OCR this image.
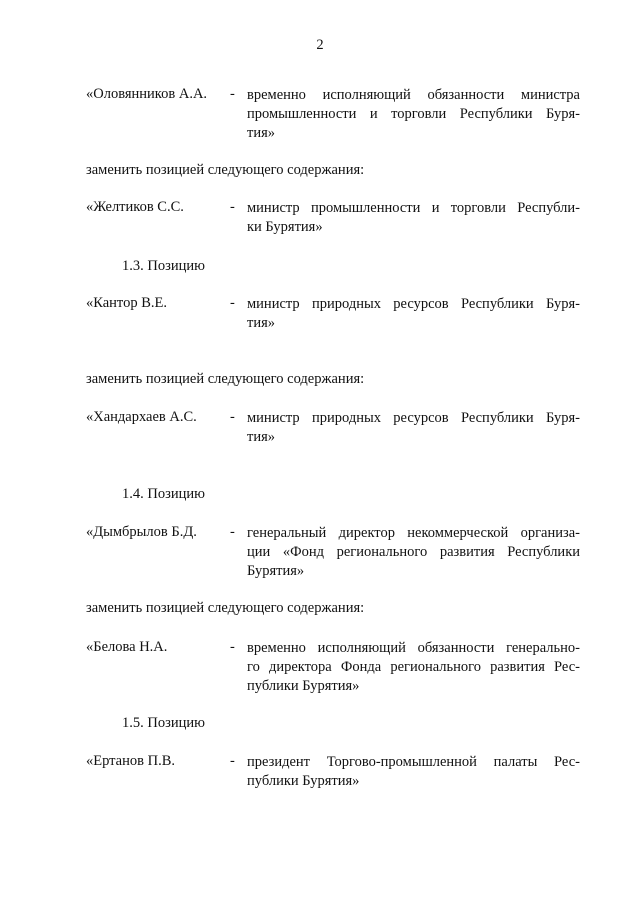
2
«Оловянников А.А. - временно исполняющий обязанности министра
промышленности и торговли Республики Буря-
тия»
заменить позицией следующего содержания:
«Желтиков С.С.	- министр промышленности и торговли Республи-
ки Бурятия»
1.3. Позицию
«Кантор В.Е.	- министр природных ресурсов Республики Буря-
тия»
заменить позицией следующего содержания:
«Хандархаев А.С. - министр природных ресурсов Республики Буря-
тия»
1.4. Позицию
«Дымбрылов Б.Д. - генеральный директор некоммерческой организа-
ции «Фонд регионального развития Республики
Бурятия»
заменить позицией следующего содержания:
«Белова Н.А.	- временно исполняющий обязанности генерально-
го директора Фонда регионального развития Рес-
публики Бурятия»
1.5. Позицию
«Ертанов П.В.	- президент Торгово-промышленной палаты Рес-
публики Бурятия»
